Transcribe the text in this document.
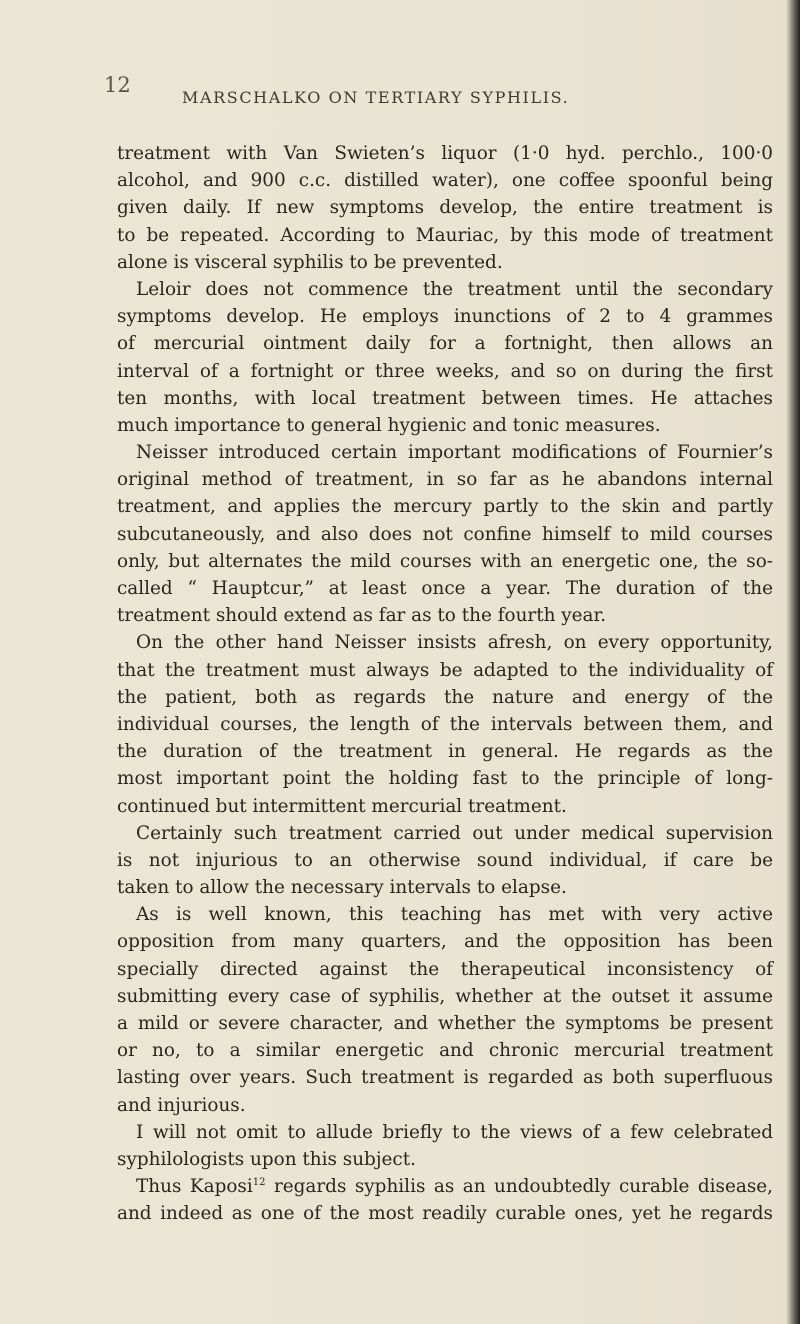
12
MARSCHALKO ON TERTIARY SYPHILIS.
treatment with Van Swieten’s liquor (1·0 hyd. perchlo., 100·0
alcohol, and 900 c.c. distilled water), one coffee spoonful being
given daily. If new symptoms develop, the entire treatment is
to be repeated. According to Mauriac, by this mode of treatment
alone is visceral syphilis to be prevented.
Leloir does not commence the treatment until the secondary
symptoms develop. He employs inunctions of 2 to 4 grammes
of mercurial ointment daily for a fortnight, then allows an
interval of a fortnight or three weeks, and so on during the first
ten months, with local treatment between times. He attaches
much importance to general hygienic and tonic measures.
Neisser introduced certain important modifications of Fournier’s
original method of treatment, in so far as he abandons internal
treatment, and applies the mercury partly to the skin and partly
subcutaneously, and also does not confine himself to mild courses
only, but alternates the mild courses with an energetic one, the so-
called “ Hauptcur,” at least once a year. The duration of the
treatment should extend as far as to the fourth year.
On the other hand Neisser insists afresh, on every opportunity,
that the treatment must always be adapted to the individuality of
the patient, both as regards the nature and energy of the
individual courses, the length of the intervals between them, and
the duration of the treatment in general. He regards as the
most important point the holding fast to the principle of long-
continued but intermittent mercurial treatment.
Certainly such treatment carried out under medical supervision
is not injurious to an otherwise sound individual, if care be
taken to allow the necessary intervals to elapse.
As is well known, this teaching has met with very active
opposition from many quarters, and the opposition has been
specially directed against the therapeutical inconsistency of
submitting every case of syphilis, whether at the outset it assume
a mild or severe character, and whether the symptoms be present
or no, to a similar energetic and chronic mercurial treatment
lasting over years. Such treatment is regarded as both superfluous
and injurious.
I will not omit to allude briefly to the views of a few celebrated
syphilologists upon this subject.
Thus Kaposi$^{12}$ regards syphilis as an undoubtedly curable disease,
and indeed as one of the most readily curable ones, yet he regards
